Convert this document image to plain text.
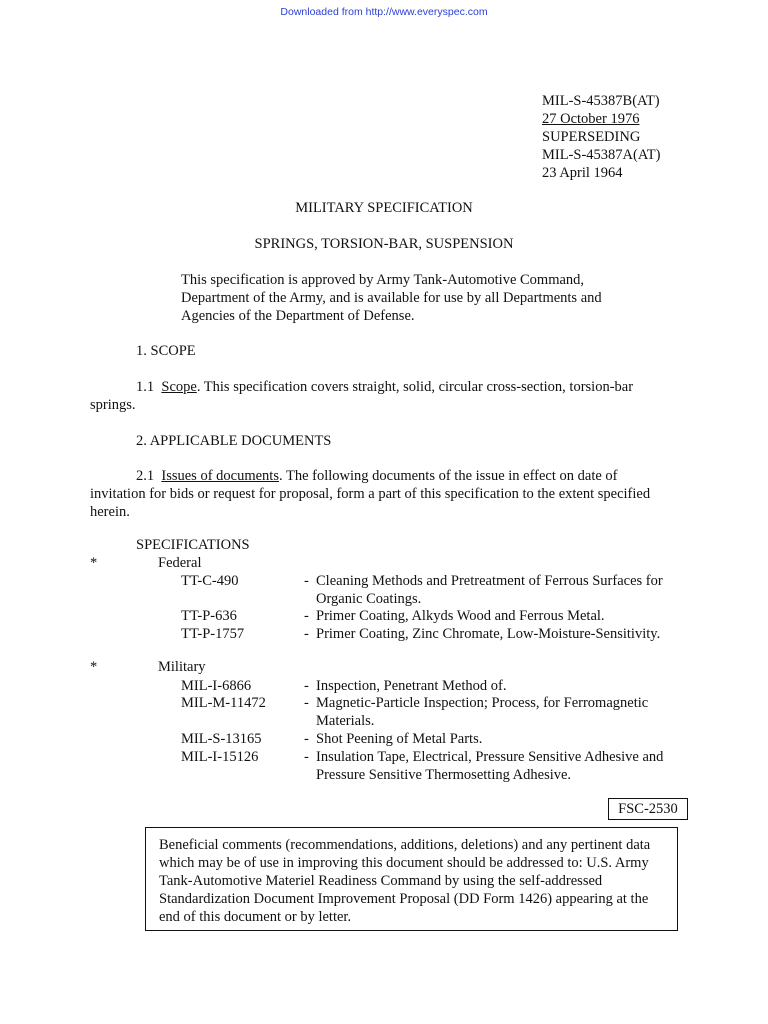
Downloaded from http://www.everyspec.com
MIL-S-45387B(AT)
27 October 1976
SUPERSEDING
MIL-S-45387A(AT)
23 April 1964
MILITARY SPECIFICATION
SPRINGS, TORSION-BAR, SUSPENSION
This specification is approved by Army Tank-Automotive Command, Department of the Army, and is available for use by all Departments and Agencies of the Department of Defense.
1. SCOPE
1.1 Scope. This specification covers straight, solid, circular cross-section, torsion-bar
springs.
2. APPLICABLE DOCUMENTS
2.1 Issues of documents. The following documents of the issue in effect on date of
invitation for bids or request for proposal, form a part of this specification to the extent specified
herein.
SPECIFICATIONS
*	Federal
TT-C-490	- Cleaning Methods and Pretreatment of Ferrous Surfaces for Organic Coatings.
TT-P-636	- Primer Coating, Alkyds Wood and Ferrous Metal.
TT-P-1757	- Primer Coating, Zinc Chromate, Low-Moisture-Sensitivity.
*	Military
MIL-I-6866	- Inspection, Penetrant Method of.
MIL-M-11472	- Magnetic-Particle Inspection; Process, for Ferromagnetic Materials.
MIL-S-13165	- Shot Peening of Metal Parts.
MIL-I-15126	- Insulation Tape, Electrical, Pressure Sensitive Adhesive and Pressure Sensitive Thermosetting Adhesive.
FSC-2530
Beneficial comments (recommendations, additions, deletions) and any pertinent data which may be of use in improving this document should be addressed to: U.S. Army Tank-Automotive Materiel Readiness Command by using the self-addressed Standardization Document Improvement Proposal (DD Form 1426) appearing at the end of this document or by letter.
